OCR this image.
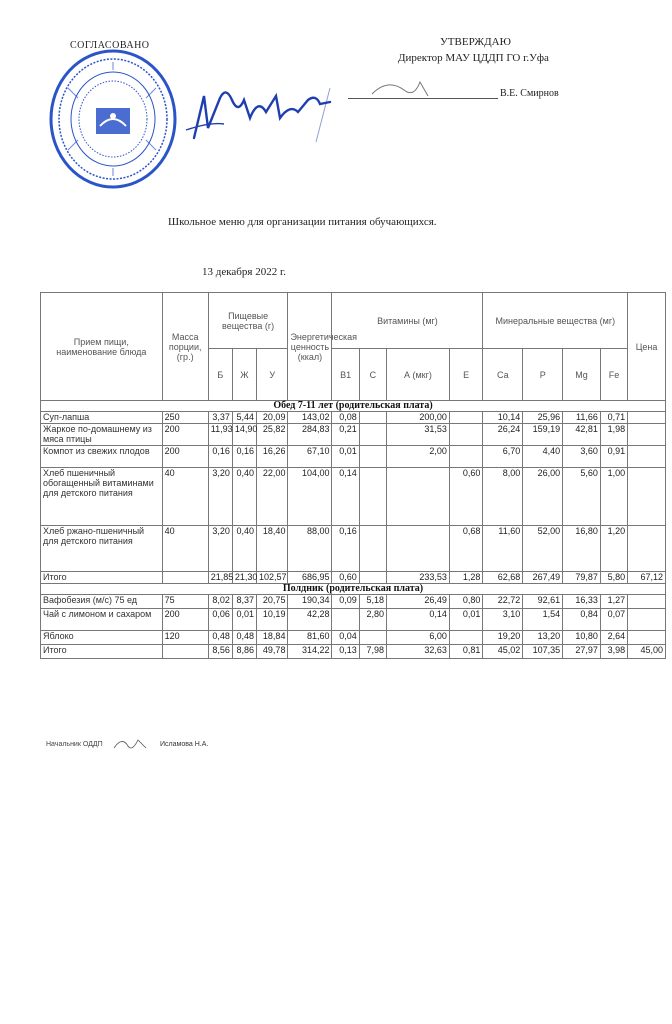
СОГЛАСОВАНО	УТВЕРЖДАЮ
Директор МАУ ЦДДП ГО г.Уфа
В.Е. Смирнов
Школьное меню для организации питания обучающихся.
13 декабря 2022 г.
Прием пищи, наименование блюда	Масса порции, (гр.)	Пищевые вещества (г)			Энергетическая ценность (ккал)	Витамины (мг)				Минеральные вещества (мг)				Цена
		Б	Ж	У		B1	C	А (мкг)	Е	Са	Р	Mg	Fe	
Обед 7-11 лет (родительская плата)														
Суп-лапша	250	3,37	5,44	20,09	143,02	0,08		200,00		10,14	25,96	11,66	0,71	
Жаркое по-домашнему из мяса птицы	200	11,93	14,90	25,82	284,83	0,21		31,53		26,24	159,19	42,81	1,98	
Компот из свежих плодов	200	0,16	0,16	16,26	67,10	0,01		2,00		6,70	4,40	3,60	0,91	
Хлеб пшеничный обогащенный витаминами для детского питания	40	3,20	0,40	22,00	104,00	0,14			0,60	8,00	26,00	5,60	1,00	
Хлеб ржано-пшеничный для детского питания	40	3,20	0,40	18,40	88,00	0,16			0,68	11,60	52,00	16,80	1,20	
Итого		21,85	21,30	102,57	686,95	0,60		233,53	1,28	62,68	267,49	79,87	5,80	67,12
Полдник (родительская плата)														
Вафобезия (м/с) 75 ед	75	8,02	8,37	20,75	190,34	0,09	5,18	26,49	0,80	22,72	92,61	16,33	1,27	
Чай с лимоном и сахаром	200	0,06	0,01	10,19	42,28		2,80	0,14	0,01	3,10	1,54	0,84	0,07	
Яблоко	120	0,48	0,48	18,84	81,60	0,04		6,00		19,20	13,20	10,80	2,64	
Итого		8,56	8,86	49,78	314,22	0,13	7,98	32,63	0,81	45,02	107,35	27,97	3,98	45,00
Начальник ОДДП	Исламова Н.А.
